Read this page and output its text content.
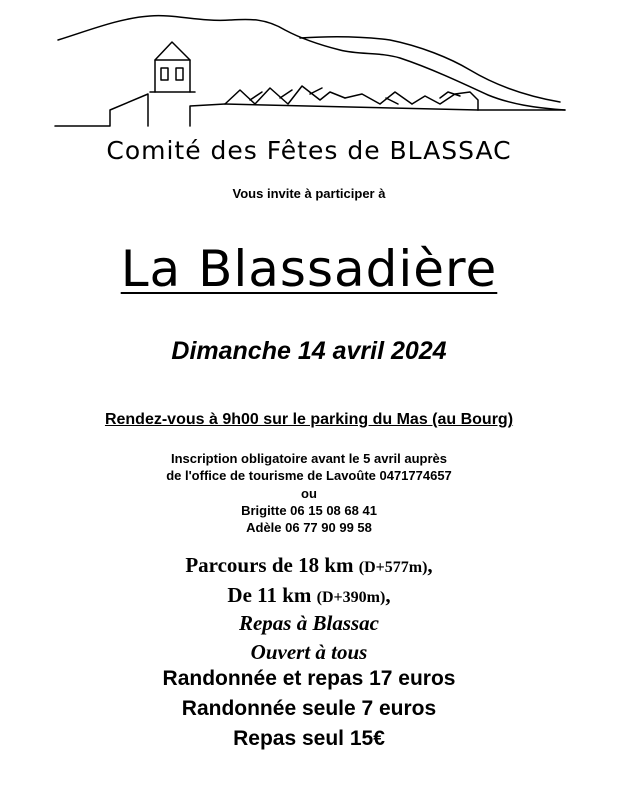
Comité des Fêtes de BLASSAC
Vous invite à participer à
La Blassadière
Dimanche 14 avril 2024
Rendez-vous à 9h00 sur le parking du Mas (au Bourg)
Inscription obligatoire avant le 5 avril auprès
de l'office de tourisme de Lavoûte 0471774657
ou
Brigitte 06 15 08 68 41
Adèle 06 77 90 99 58
Parcours de 18 km (D+577m),
De 11 km (D+390m),
Repas à Blassac
Ouvert à tous
Randonnée et repas 17 euros
Randonnée seule 7 euros
Repas seul 15€
